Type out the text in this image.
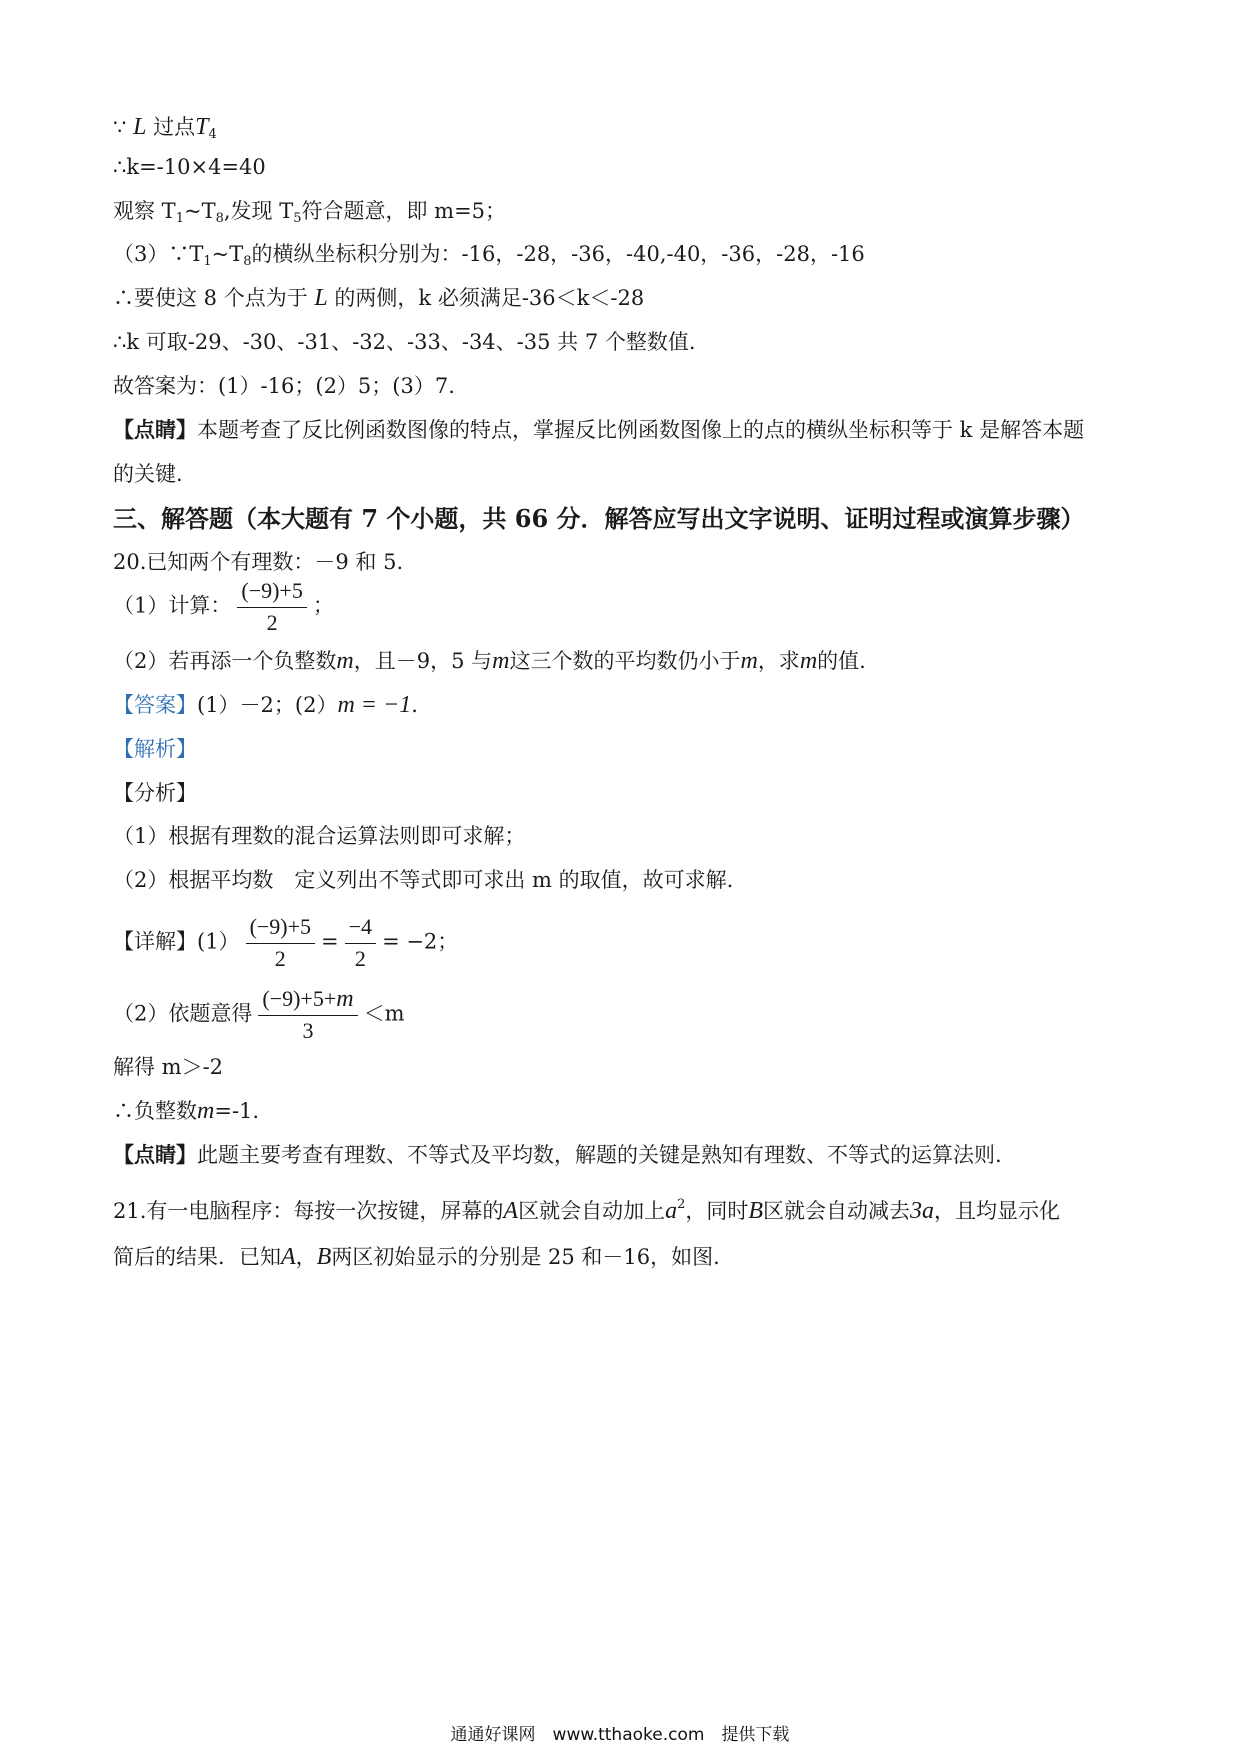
∵ L 过点$T_4$
∴k=-10×4=40
观察 $T_1\sim T_8$,发现 $T_5$符合题意，即 m=5；
$(3)\because T_1\sim T_8$的横纵坐标积分别为：-16，-28，-36，-40,-40，-36，-28，-16
∴要使这 8 个点为于 L 的两侧，k 必须满足-36＜k＜-28
∴k 可取-29、-30、-31、-32、-33、-34、-35 共 7 个整数值.
故答案为：(1）-16；(2）5；(3）7.
【点睛】本题考查了反比例函数图像的特点，掌握反比例函数图像上的点的横纵坐标积等于 k 是解答本题
的关键.
三、解答题（本大题有 7 个小题，共 66 分．解答应写出文字说明、证明过程或演算步骤）
20.已知两个有理数：－9 和 5.
（1）计算： $\frac{(-9)+5}{2}$ ；
（2）若再添一个负整数m，且－9，5 与m这三个数的平均数仍小于m，求m的值.
【答案】(1）－2；(2）m = −1.
【解析】
【分析】
（1）根据有理数的混合运算法则即可求解；
（2）根据平均数　定义列出不等式即可求出 m 的取值，故可求解.
【详解】$(1) \frac{(-9)+5}{2} = \frac{-4}{2} = -2$；
（2）依题意得 $\frac{(-9)+5+m}{3} <m$
解得 m＞-2
∴负整数m=-1.
【点睛】此题主要考查有理数、不等式及平均数，解题的关键是熟知有理数、不等式的运算法则.
21.有一电脑程序：每按一次按键，屏幕的A区就会自动加上$a^2$，同时B区就会自动减去3a，且均显示化
简后的结果．已知A，B两区初始显示的分别是 25 和－16，如图.
通通好课网　www.tthaoke.com　提供下载
